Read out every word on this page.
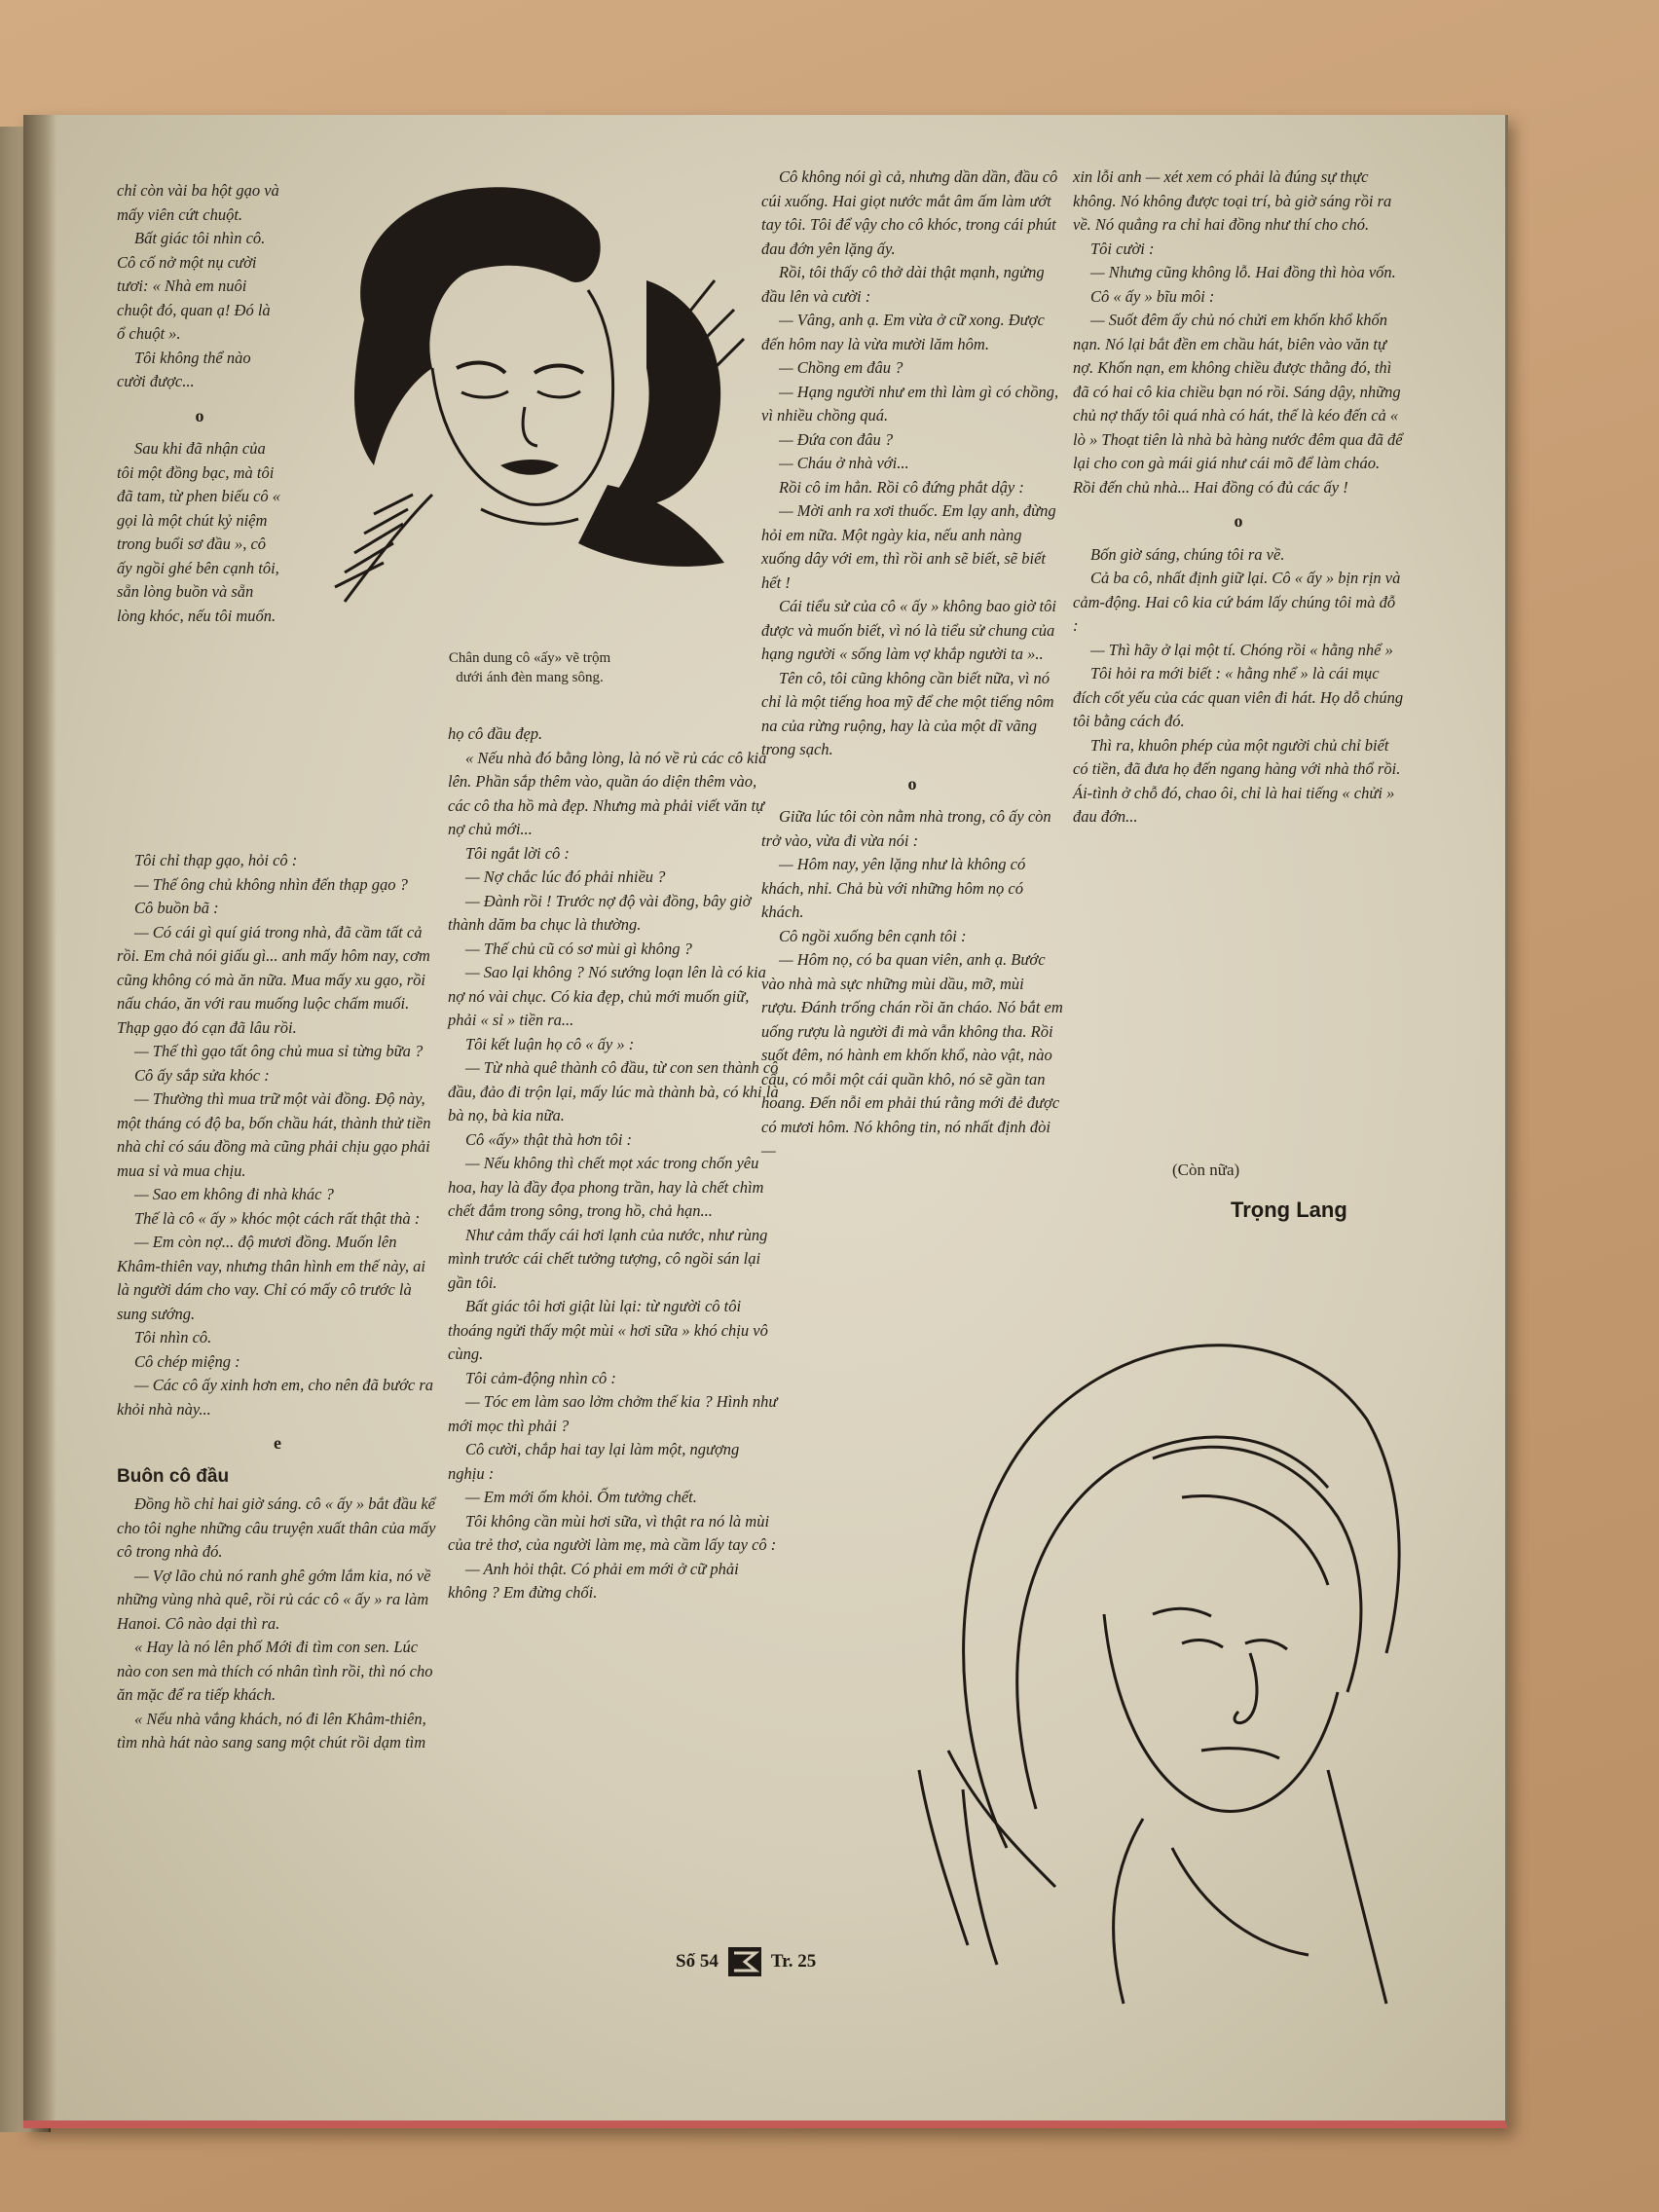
Chân dung cô «ấy» vẽ trộm
dưới ánh đèn mang sông.

chỉ còn vài ba hột gạo và mấy viên cứt chuột.

Bất giác tôi nhìn cô. Cô cố nở một nụ cười tươi: « Nhà em nuôi chuột đó, quan ạ! Đó là ổ chuột ».

Tôi không thể nào cười được...

o

Sau khi đã nhận của tôi một đồng bạc, mà tôi đã tam, từ phen biếu cô « gọi là một chút kỷ niệm trong buổi sơ đầu », cô ấy ngồi ghé bên cạnh tôi, sẵn lòng buồn và sẵn lòng khóc, nếu tôi muốn.

Tôi chỉ thạp gạo, hỏi cô :

— Thế ông chủ không nhìn đến thạp gạo ?

Cô buồn bã :

— Có cái gì quí giá trong nhà, đã cầm tất cả rồi. Em chả nói giấu gì... anh mấy hôm nay, cơm cũng không có mà ăn nữa. Mua mấy xu gạo, rồi nấu cháo, ăn với rau muống luộc chấm muối. Thạp gạo đó cạn đã lâu rồi.

— Thế thì gạo tất ông chủ mua sỉ từng bữa ?

Cô ấy sắp sửa khóc :

— Thường thì mua trữ một vài đồng. Độ này, một tháng có độ ba, bốn chầu hát, thành thử tiền nhà chỉ có sáu đồng mà cũng phải chịu gạo phải mua sỉ và mua chịu.

— Sao em không đi nhà khác ?

Thế là cô « ấy » khóc một cách rất thật thà :

— Em còn nợ... độ mươi đồng. Muốn lên Khâm-thiên vay, nhưng thân hình em thế này, ai là người dám cho vay. Chỉ có mấy cô trước là sung sướng.

Tôi nhìn cô.

Cô chép miệng :

— Các cô ấy xinh hơn em, cho nên đã bước ra khỏi nhà này...

e
Buôn cô đầu

Đồng hồ chỉ hai giờ sáng. cô « ấy » bắt đầu kể cho tôi nghe những câu truyện xuất thân của mấy cô trong nhà đó.

— Vợ lão chủ nó ranh ghê gớm lắm kia, nó về những vùng nhà quê, rồi rủ các cô « ấy » ra làm Hanoi. Cô nào dại thì ra.

« Hay là nó lên phố Mới đi tìm con sen. Lúc nào con sen mà thích có nhân tình rồi, thì nó cho ăn mặc để ra tiếp khách.

« Nếu nhà vắng khách, nó đi lên Khâm-thiên, tìm nhà hát nào sang sang một chút rồi dạm tìm

họ cô đầu đẹp.

« Nếu nhà đó bằng lòng, là nó về rủ các cô kia lên. Phần sắp thêm vào, quần áo diện thêm vào, các cô tha hồ mà đẹp. Nhưng mà phải viết văn tự nợ chủ mới...

Tôi ngắt lời cô :

— Nợ chắc lúc đó phải nhiều ?

— Đành rồi ! Trước nợ độ vài đồng, bây giờ thành dăm ba chục là thường.

— Thế chủ cũ có sơ mùi gì không ?

— Sao lại không ? Nó sướng loạn lên là có kia nợ nó vài chục. Có kia đẹp, chủ mới muốn giữ, phải « sỉ » tiền ra...

Tôi kết luận họ cô « ấy » :

— Từ nhà quê thành cô đầu, từ con sen thành cô đầu, đảo đi trộn lại, mấy lúc mà thành bà, có khi là bà nọ, bà kia nữa.

Cô «ấy» thật thà hơn tôi :

— Nếu không thì chết mọt xác trong chốn yêu hoa, hay là đầy đọa phong trần, hay là chết chìm chết đắm trong sông, trong hồ, chả hạn...

Như cảm thấy cái hơi lạnh của nước, như rùng mình trước cái chết tưởng tượng, cô ngồi sán lại gần tôi.

Bất giác tôi hơi giật lùi lại: từ người cô tôi thoáng ngửi thấy một mùi « hơi sữa » khó chịu vô cùng.

Tôi cảm-động nhìn cô :

— Tóc em làm sao lởm chởm thế kia ? Hình như mới mọc thì phải ?

Cô cười, chắp hai tay lại làm một, ngượng nghịu :

— Em mới ốm khỏi. Ốm tưởng chết.

Tôi không cần mùi hơi sữa, vì thật ra nó là mùi của trẻ thơ, của người làm mẹ, mà cầm lấy tay cô :

— Anh hỏi thật. Có phải em mới ở cữ phải không ? Em đừng chối.

Cô không nói gì cả, nhưng dần dần, đầu cô cúi xuống. Hai giọt nước mắt âm ấm làm ướt tay tôi. Tôi để vậy cho cô khóc, trong cái phút đau đớn yên lặng ấy.

Rồi, tôi thấy cô thở dài thật mạnh, ngửng đầu lên và cười :

— Vâng, anh ạ. Em vừa ở cữ xong. Được đến hôm nay là vừa mười lăm hôm.

— Chồng em đâu ?

— Hạng người như em thì làm gì có chồng, vì nhiều chồng quá.

— Đứa con đâu ?

— Cháu ở nhà với...

Rồi cô im hẳn. Rồi cô đứng phắt dậy :

— Mời anh ra xơi thuốc. Em lạy anh, đừng hỏi em nữa. Một ngày kia, nếu anh nàng xuống dây với em, thì rồi anh sẽ biết, sẽ biết hết !

Cái tiểu sử của cô « ấy » không bao giờ tôi được và muốn biết, vì nó là tiểu sử chung của hạng người « sống làm vợ khắp người ta »..

Tên cô, tôi cũng không cần biết nữa, vì nó chỉ là một tiếng hoa mỹ để che một tiếng nôm na của rừng ruộng, hay là của một dĩ vãng trong sạch.

o

Giữa lúc tôi còn nằm nhà trong, cô ấy còn trở vào, vừa đi vừa nói :

— Hôm nay, yên lặng như là không có khách, nhỉ. Chả bù với những hôm nọ có khách.

Cô ngồi xuống bên cạnh tôi :

— Hôm nọ, có ba quan viên, anh ạ. Bước vào nhà mà sực những mùi dầu, mỡ, mùi rượu. Đánh trống chán rồi ăn cháo. Nó bắt em uống rượu là người đi mà vẫn không tha. Rồi suốt đêm, nó hành em khốn khổ, nào vật, nào cấu, có mỗi một cái quần khô, nó sẽ gần tan hoang. Đến nỗi em phải thú rằng mới đẻ được có mươi hôm. Nó không tin, nó nhất định đòi —

xin lỗi anh — xét xem có phải là đúng sự thực không. Nó không được toại trí, bà giờ sáng rồi ra về. Nó quẳng ra chỉ hai đồng như thí cho chó.

Tôi cười :

— Nhưng cũng không lỗ. Hai đồng thì hòa vốn.

Cô « ấy » bĩu môi :

— Suốt đêm ấy chủ nó chửi em khốn khổ khốn nạn. Nó lại bắt đền em chầu hát, biên vào văn tự nợ. Khốn nạn, em không chiều được thằng đó, thì đã có hai cô kia chiều bạn nó rồi. Sáng dậy, những chủ nợ thấy tôi quá nhà có hát, thế là kéo đến cả « lò » Thoạt tiên là nhà bà hàng nước đêm qua đã để lại cho con gà mái giá như cái mõ để làm cháo. Rồi đến chủ nhà... Hai đồng có đủ các ấy !

o

Bốn giờ sáng, chúng tôi ra về.

Cả ba cô, nhất định giữ lại. Cô « ấy » bịn rịn và cảm-động. Hai cô kia cứ bám lấy chúng tôi mà đỗ :

— Thì hãy ở lại một tí. Chóng rồi « hằng nhể »

Tôi hỏi ra mới biết : « hằng nhể » là cái mục đích cốt yếu của các quan viên đi hát. Họ dỗ chúng tôi bằng cách đó.

Thì ra, khuôn phép của một người chủ chỉ biết có tiền, đã đưa họ đến ngang hàng với nhà thổ rồi. Ái-tình ở chỗ đó, chao ôi, chỉ là hai tiếng « chửi » đau đớn...

(Còn nữa)
Trọng Lang
Số 54	Tr. 25
